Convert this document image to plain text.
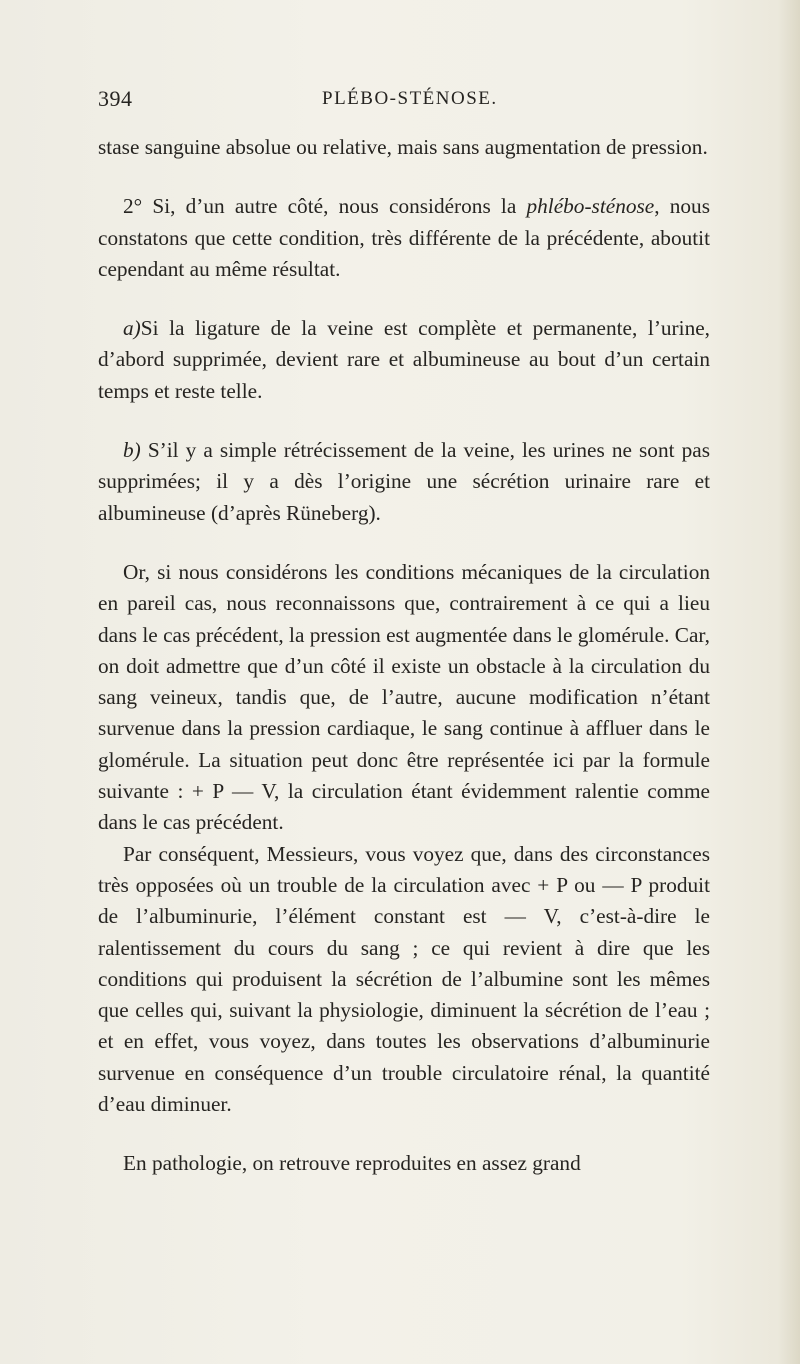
394	PLÉBO-STÉNOSE.

stase sanguine absolue ou relative, mais sans augmentation de pression.

2° Si, d’un autre côté, nous considérons la phlébo-sténose, nous constatons que cette condition, très différente de la précédente, aboutit cependant au même résultat.

a)Si la ligature de la veine est complète et permanente, l’urine, d’abord supprimée, devient rare et albumineuse au bout d’un certain temps et reste telle.

b) S’il y a simple rétrécissement de la veine, les urines ne sont pas supprimées; il y a dès l’origine une sécrétion urinaire rare et albumineuse (d’après Rüneberg).

Or, si nous considérons les conditions mécaniques de la circulation en pareil cas, nous reconnaissons que, contrairement à ce qui a lieu dans le cas précédent, la pression est augmentée dans le glomérule. Car, on doit admettre que d’un côté il existe un obstacle à la circulation du sang veineux, tandis que, de l’autre, aucune modification n’étant survenue dans la pression cardiaque, le sang continue à affluer dans le glomérule. La situation peut donc être représentée ici par la formule suivante : + P — V, la circulation étant évidemment ralentie comme dans le cas précédent.

Par conséquent, Messieurs, vous voyez que, dans des circonstances très opposées où un trouble de la circulation avec + P ou — P produit de l’albuminurie, l’élément constant est — V, c’est-à-dire le ralentissement du cours du sang ; ce qui revient à dire que les conditions qui produisent la sécrétion de l’albumine sont les mêmes que celles qui, suivant la physiologie, diminuent la sécrétion de l’eau ; et en effet, vous voyez, dans toutes les observations d’albuminurie survenue en conséquence d’un trouble circulatoire rénal, la quantité d’eau diminuer.

En pathologie, on retrouve reproduites en assez grand
